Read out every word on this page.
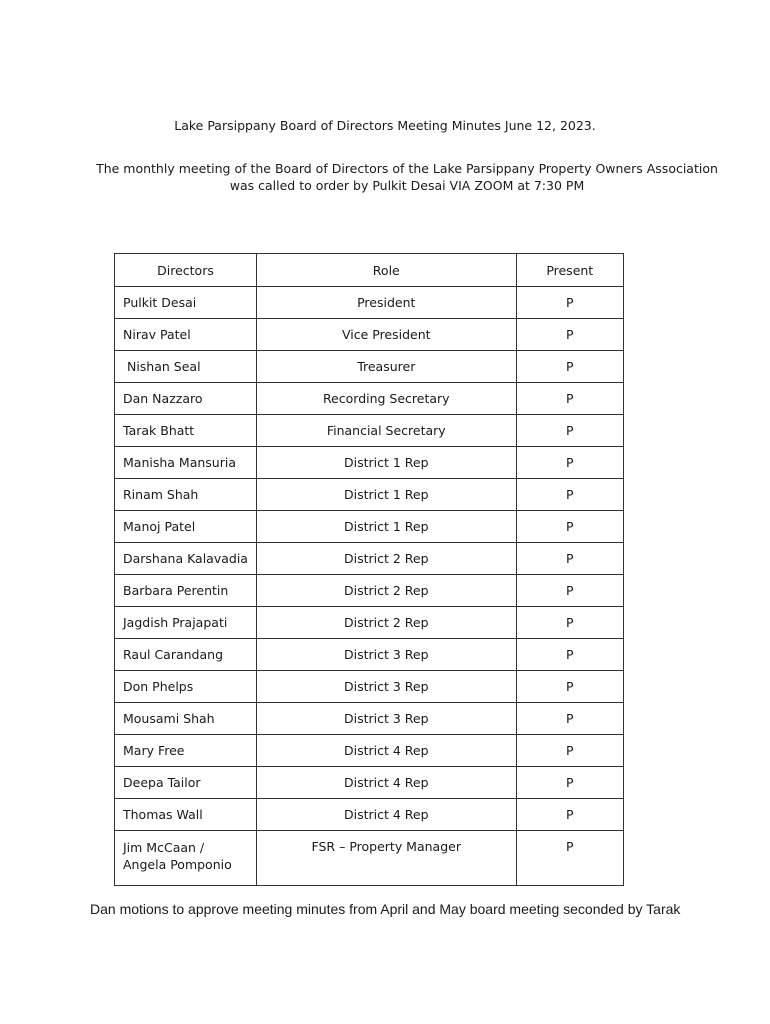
Lake Parsippany Board of Directors Meeting Minutes June 12, 2023.
The monthly meeting of the Board of Directors of the Lake Parsippany Property Owners Association was called to order by Pulkit Desai VIA ZOOM at 7:30 PM
Directors	Role	Present
Pulkit Desai	President	P
Nirav Patel	Vice President	P
Nishan Seal	Treasurer	P
Dan Nazzaro	Recording Secretary	P
Tarak Bhatt	Financial Secretary	P
Manisha Mansuria	District 1 Rep	P
Rinam Shah	District 1 Rep	P
Manoj Patel	District 1 Rep	P
Darshana Kalavadia	District 2 Rep	P
Barbara Perentin	District 2 Rep	P
Jagdish Prajapati	District 2 Rep	P
Raul Carandang	District 3 Rep	P
Don Phelps	District 3 Rep	P
Mousami Shah	District 3 Rep	P
Mary Free	District 4 Rep	P
Deepa Tailor	District 4 Rep	P
Thomas Wall	District 4 Rep	P
Jim McCaan /
Angela Pomponio	FSR – Property Manager	P
Dan motions to approve meeting minutes from April and May board meeting seconded by Tarak
